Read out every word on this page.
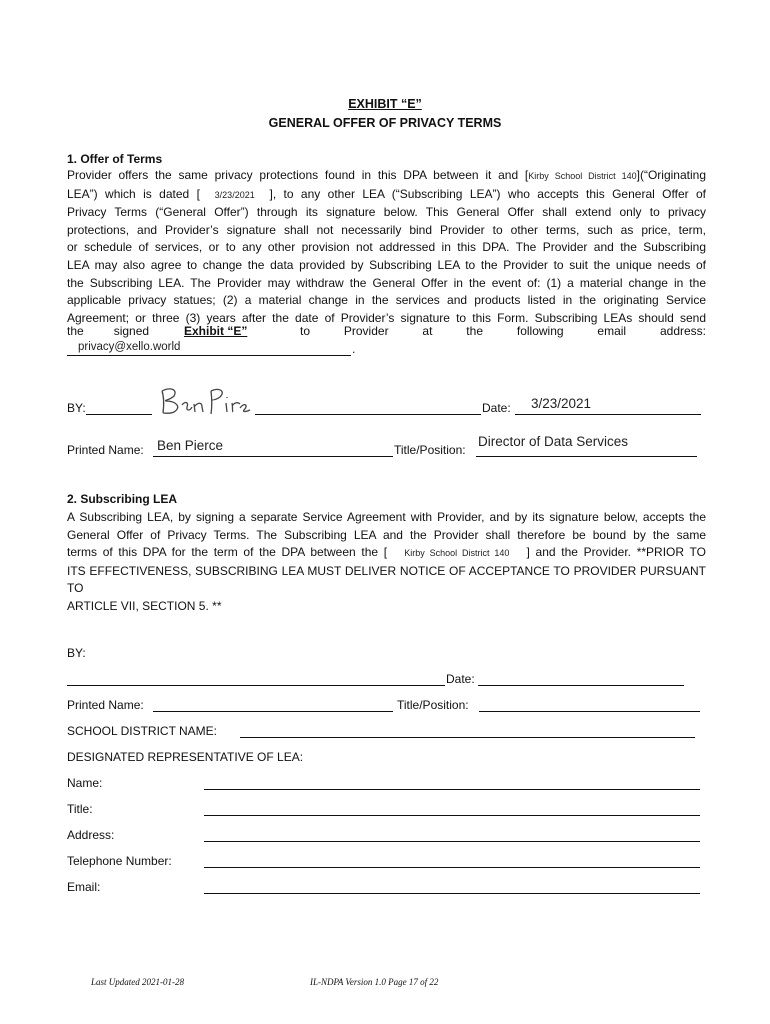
EXHIBIT “E”
GENERAL OFFER OF PRIVACY TERMS
1. Offer of Terms

Provider offers the same privacy protections found in this DPA between it and [Kirby School District 140](“Originating

LEA”) which is dated [ 3/23/2021 ], to any other LEA (“Subscribing LEA”) who accepts this General Offer of

Privacy Terms (“General Offer”) through its signature below. This General Offer shall extend only to privacy

protections, and Provider’s signature shall not necessarily bind Provider to other terms, such as price, term,

or schedule of services, or to any other provision not addressed in this DPA. The Provider and the Subscribing

LEA may also agree to change the data provided by Subscribing LEA to the Provider to suit the unique needs of

the Subscribing LEA. The Provider may withdraw the General Offer in the event of: (1) a material change in the

applicable privacy statues; (2) a material change in the services and products listed in the originating Service

Agreement; or three (3) years after the date of Provider’s signature to this Form. Subscribing LEAs should send

the         signed	Exhibit “E”	to Provider at the following email address:
privacy@xello.world	.
BY:	Date: 3/23/2021
Printed Name: Ben Pierce	Title/Position:
Director of Data Services
2. Subscribing LEA

A Subscribing LEA, by signing a separate Service Agreement with Provider, and by its signature below, accepts the

General Offer of Privacy Terms. The Subscribing LEA and the Provider shall therefore be bound by the same

terms of this DPA for the term of the DPA between the [ Kirby School District 140 ] and the Provider. **PRIOR TO

ITS EFFECTIVENESS, SUBSCRIBING LEA MUST DELIVER NOTICE OF ACCEPTANCE TO PROVIDER PURSUANT TO

ARTICLE VII, SECTION 5. **

BY:
Date:
Printed Name:	Title/Position:
SCHOOL DISTRICT NAME:
DESIGNATED REPRESENTATIVE OF LEA:
Name:
Title:
Address:
Telephone Number:
Email:
Last Updated 2021-01-28	IL-NDPA Version 1.0 Page 17 of 22
